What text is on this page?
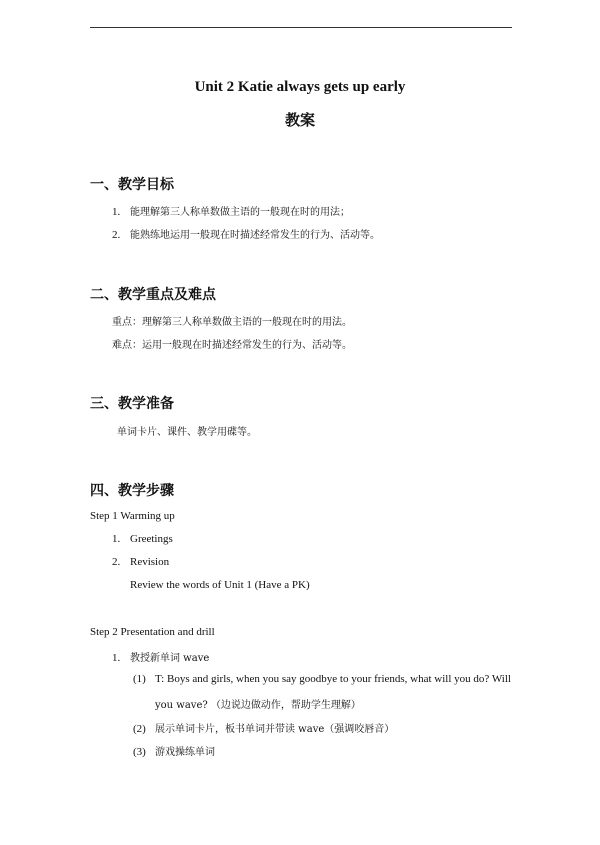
Unit 2 Katie always gets up early
教案
一、教学目标
1. 能理解第三人称单数做主语的一般现在时的用法；
2. 能熟练地运用一般现在时描述经常发生的行为、活动等。
二、教学重点及难点
重点：理解第三人称单数做主语的一般现在时的用法。
难点：运用一般现在时描述经常发生的行为、活动等。
三、教学准备
单词卡片、课件、教学用碟等。
四、教学步骤
Step 1 Warming up
1. Greetings
2. Revision
Review the words of Unit 1 (Have a PK)
Step 2 Presentation and drill
1. 教授新单词 wave
(1) T: Boys and girls, when you say goodbye to your friends, what will you do? Will
you wave? （边说边做动作，帮助学生理解）
(2) 展示单词卡片，板书单词并带读 wave（强调咬唇音）
(3) 游戏操练单词
